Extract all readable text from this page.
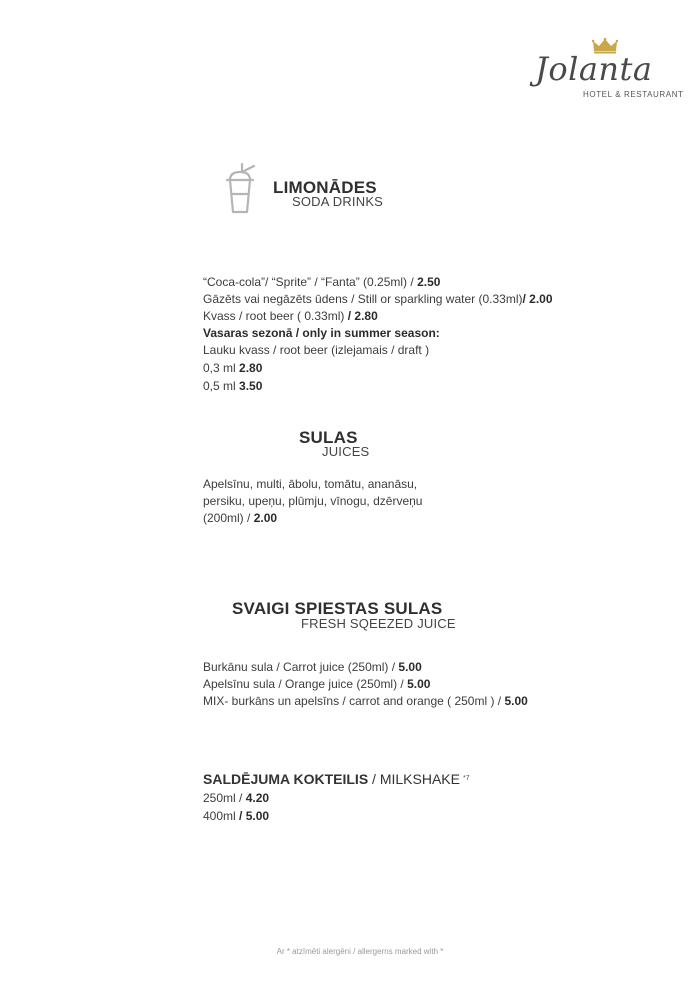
Jolanta
HOTEL & RESTAURANT
LIMONĀDES
SODA DRINKS
“Coca-cola”/ “Sprite” / “Fanta” (0.25ml) / 2.50
Gāzēts vai negāzēts ūdens / Still or sparkling water (0.33ml)/ 2.00
Kvass / root beer ( 0.33ml) / 2.80
Vasaras sezonā / only in summer season:
Lauku kvass / root beer (izlejamais / draft )
0,3 ml 2.80
0,5 ml 3.50
SULAS
JUICES
Apelsīnu, multi, ābolu, tomātu, ananāsu,
persiku, upeņu, plūmju, vīnogu, dzērveņu
(200ml) / 2.00
SVAIGI SPIESTAS SULAS
FRESH SQEEZED JUICE
Burkānu sula / Carrot juice (250ml) / 5.00
Apelsīnu sula / Orange juice (250ml) / 5.00
MIX- burkāns un apelsīns / carrot and orange ( 250ml ) / 5.00
SALDĒJUMA KOKTEILIS / MILKSHAKE $^{*7}$
250ml / 4.20
400ml / 5.00
Ar * atzīmēti alergēni / allergerns marked with *
